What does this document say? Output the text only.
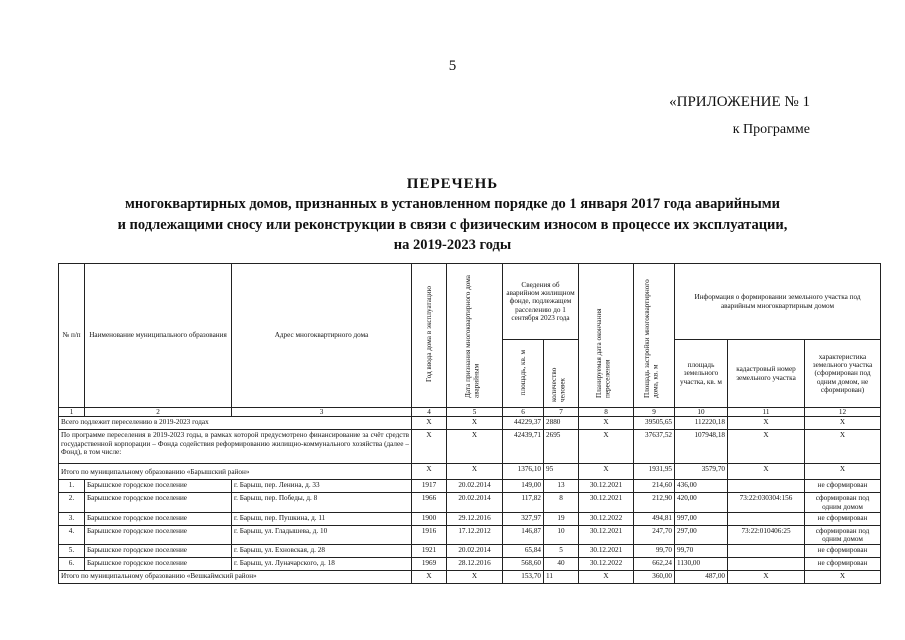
5
«ПРИЛОЖЕНИЕ № 1
к Программе
ПЕРЕЧЕНЬ
многоквартирных домов, признанных в установленном порядке до 1 января 2017 года аварийными
и подлежащими сносу или реконструкции в связи с физическим износом в процессе их эксплуатации,
на 2019-2023 годы
№ п/п	Наименование муниципального образования	Адрес многоквартирного дома	Год ввода дома в эксплуатацию	Дата признания многоквартирного дома аварийным	Сведения об аварийном жилищном фонде, подлежащем расселению до 1 сентября 2023 года		Планируемая дата окончания переселения	Площадь застройки многоквартирного дома, кв. м	Информация о формировании земельного участка под аварийным многоквартирным домом		
					площадь, кв. м	количество человек			площадь земельного участка, кв. м	кадастровый номер земельного участка	характеристика земельного участка (сформирован под одним домом, не сформирован)
1	2	3	4	5	6	7	8	9	10	11	12
Всего подлежит переселению в 2019-2023 годах			X	X	44229,37	2880	X	39505,65	112220,18	X	X
По программе переселения в 2019-2023 годы, в рамках которой предусмотрено финансирование за счёт средств государственной корпорации – Фонда содействия реформированию жилищно-коммунального хозяйства (далее – Фонд), в том числе:			X	X	42439,71	2695	X	37637,52	107948,18	X	X
Итого по муниципальному образованию «Барышский район»			X	X	1376,10	95	X	1931,95	3579,70	X	X
1.	Барышское городское поселение	г. Барыш, пер. Ленина, д. 33	1917	20.02.2014	149,00	13	30.12.2021	214,60	436,00		не сформирован
2.	Барышское городское поселение	г. Барыш, пер. Победы, д. 8	1966	20.02.2014	117,82	8	30.12.2021	212,90	420,00	73:22:030304:156	сформирован под одним домом
3.	Барышское городское поселение	г. Барыш, пер. Пушкина, д. 11	1900	29.12.2016	327,97	19	30.12.2022	494,81	997,00		не сформирован
4.	Барышское городское поселение	г. Барыш, ул. Гладышева, д. 10	1916	17.12.2012	146,87	10	30.12.2021	247,70	297,00	73:22:010406:25	сформирован под одним домом
5.	Барышское городское поселение	г. Барыш, ул. Ехновская, д. 28	1921	20.02.2014	65,84	5	30.12.2021	99,70	99,70		не сформирован
6.	Барышское городское поселение	г. Барыш, ул. Луначарского, д. 18	1969	28.12.2016	568,60	40	30.12.2022	662,24	1130,00		не сформирован
Итого по муниципальному образованию «Вешкаймский район»			X	X	153,70	11	X	360,00	487,00	X	X
